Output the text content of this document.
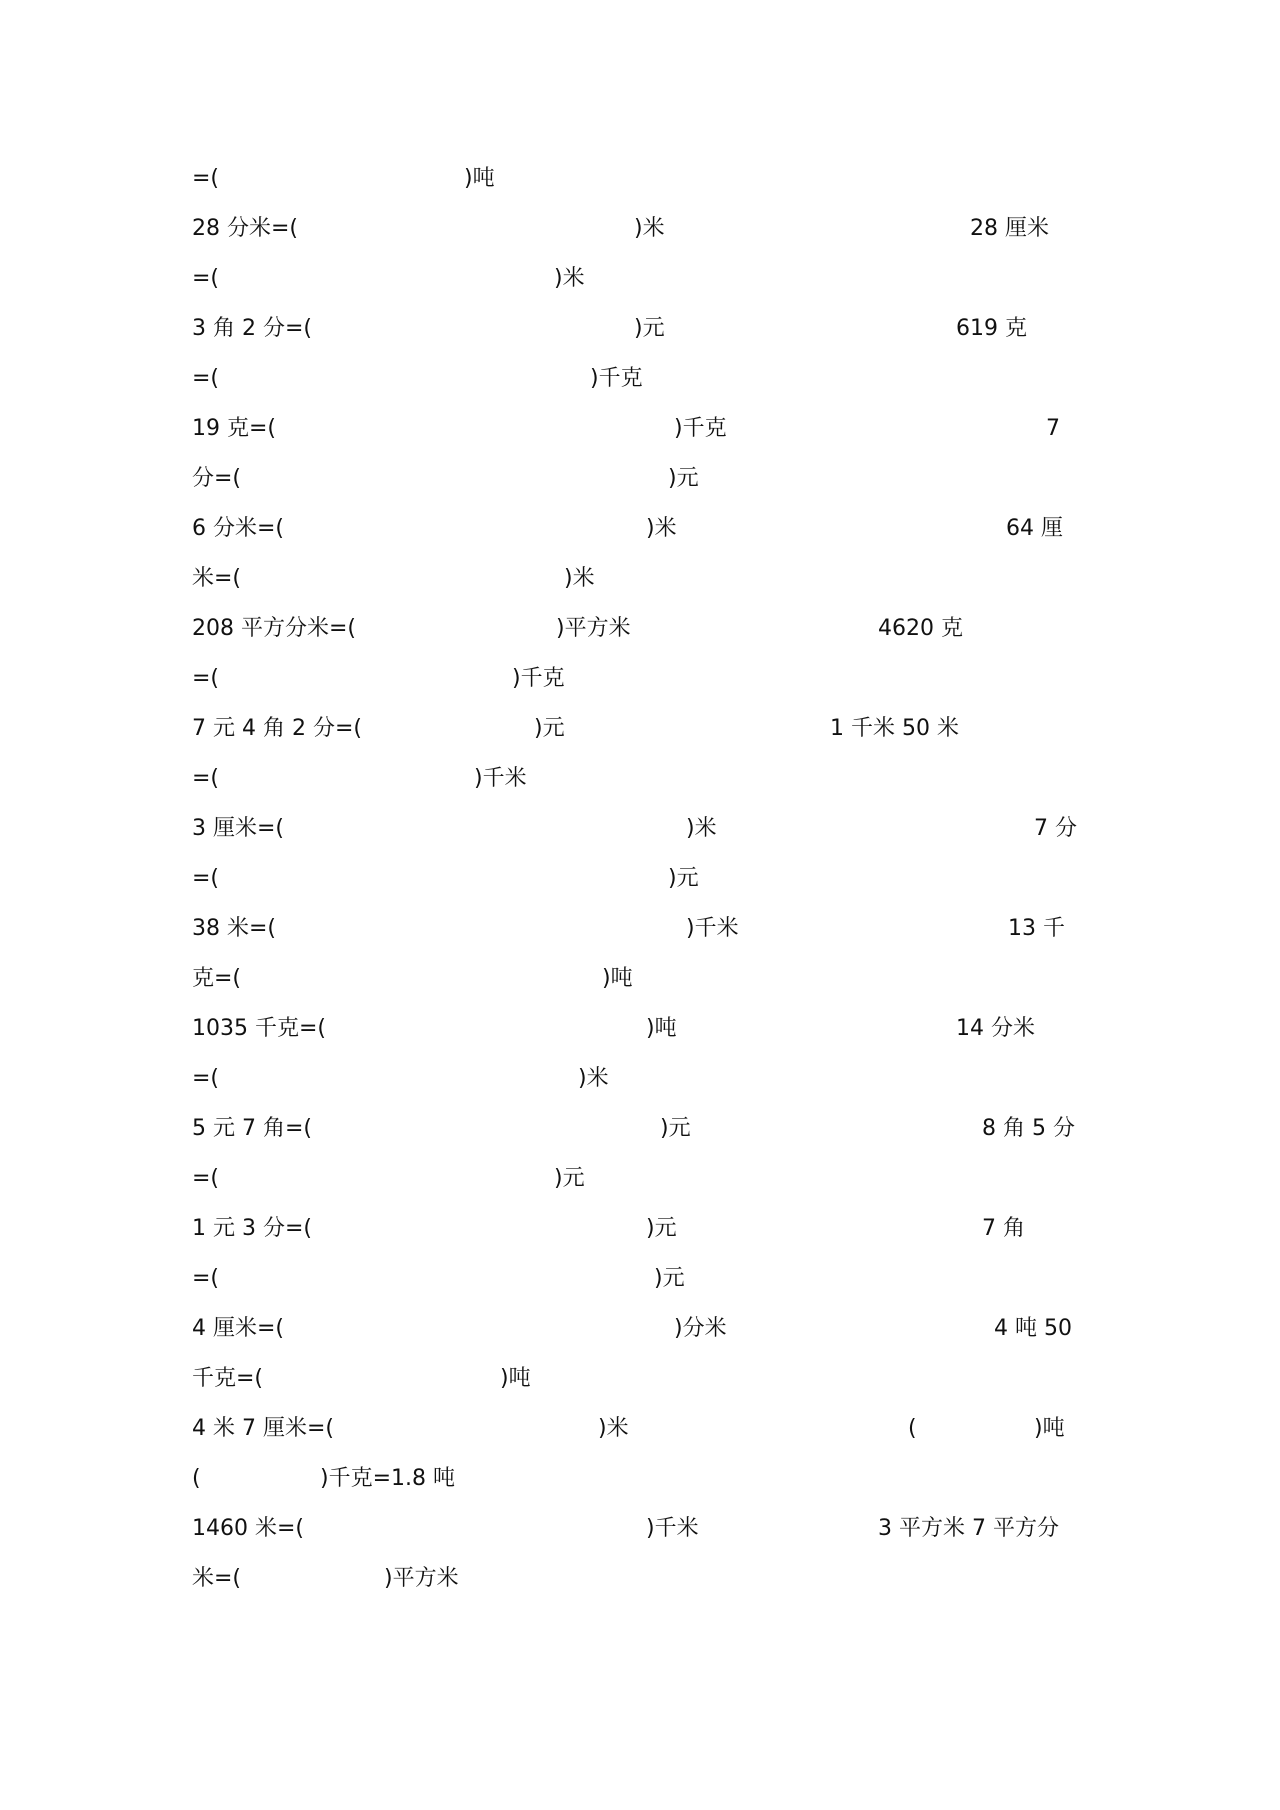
=(

	)吨

28 分米=(

	)米

	28 厘米

=(

	)米

3 角 2 分=(

	)元

	619 克

=(

	)千克

19 克=(

	)千克

	7

分=(

	)元

6 分米=(

	)米

	64 厘

米=(

	)米

208 平方分米=(

	)平方米

	4620 克

=(

	)千克

7 元 4 角 2 分=(

	)元

	1 千米 50 米

=(

	)千米

3 厘米=(

	)米

	7 分

=(

	)元

38 米=(

	)千米

	13 千

克=(

	)吨

1035 千克=(

	)吨

	14 分米

=(

	)米

5 元 7 角=(

	)元

	8 角 5 分

=(

	)元

1 元 3 分=(

	)元

	7 角

=(

	)元

4 厘米=(

	)分米

	4 吨 50

千克=(

	)吨

4 米 7 厘米=(

	)米

	(

	)吨

(

	)千克=1.8 吨

1460 米=(

	)千米

	3 平方米 7 平方分

米=(

	)平方米
